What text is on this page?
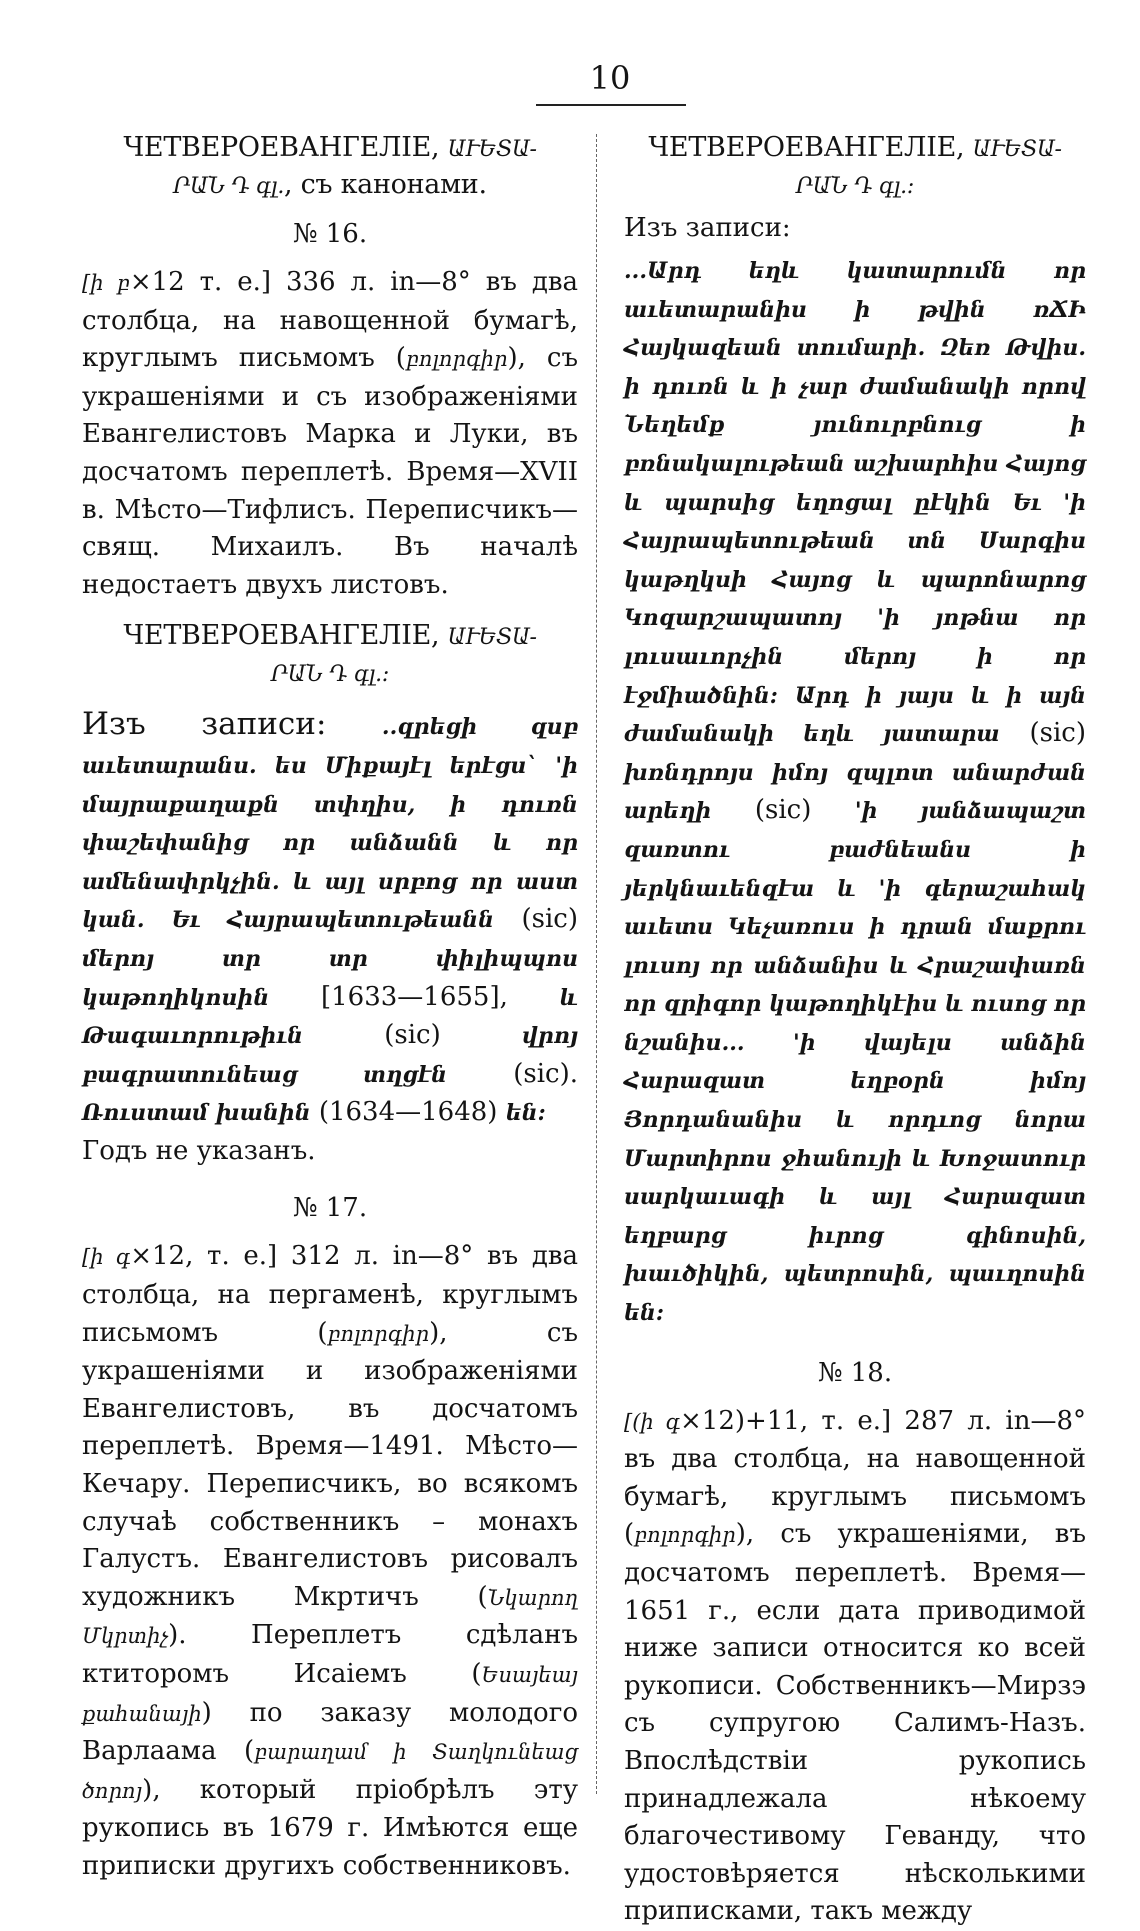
10
ЧЕТВЕРОЕВАНГЕЛІЕ, ԱՒԵՏԱ-
ՐԱՆ Դ գլ., съ канонами.
№ 16.

[ի բ×12 т. е.] 336 л. in—8° въ два столбца, на навощенной бумагѣ, круглымъ письмомъ (բոլորգիր), съ украшеніями и съ изображеніями Евангелистовъ Марка и Луки, въ досчатомъ переплетѣ. Время—XVII в. Мѣсто—Тифлисъ. Переписчикъ—свящ. Михаилъ. Въ началѣ недостаетъ двухъ листовъ.

ЧЕТВЕРОЕВАНГЕЛІЕ, ԱՒԵՏԱ-
ՐԱՆ Դ գլ.:

Изъ записи: ..զրեցի զսբ աւետարանս. ես Միքայէլ երէցս` 'ի մայրաքաղաքն տփղիս, ի դուռն փաշեփանից որ անձանն և որ ամենափրկչին. և այլ սրբոց որ աստ կան. Եւ Հայրապետութեանն (sic) մերոյ տր տր փիլիպպոս կաթողիկոսին [1633—1655], և Թագաւորութիւն (sic) վրոյ բագրատունեաց տղցէն (sic). Ռուստամ խանին (1634—1648) են:

Годъ не указанъ.

№ 17.

[ի գ×12, т. е.] 312 л. in—8° въ два столбца, на пергаменѣ, круглымъ письмомъ (բոլորգիր), съ украшеніями и изображеніями Евангелистовъ, въ досчатомъ переплетѣ. Время—1491. Мѣсто—Кечару. Переписчикъ, во всякомъ случаѣ собственникъ – монахъ Галустъ. Евангелистовъ рисовалъ художникъ Мкртичъ (Նկարող Մկրտիչ). Переплетъ сдѣланъ ктиторомъ Исаіемъ (Եսայեայ քահանայի) по заказу молодого Варлаама (բարաղամ ի Տաղկունեաց ծորոյ), который пріобрѣлъ эту рукопись въ 1679 г. Имѣются еще приписки другихъ собственниковъ.

ЧЕТВЕРОЕВАНГЕЛІЕ, ԱՒԵՏԱ-
ՐԱՆ Դ գլ.:

Изъ записи:

...Արդ եղև կատարումն որ աւետարանիս ի թվին ռՃԻ Հայկազեան տումարի. Զեռ Թվիս. ի դուռն և ի չար ժամանակի որով Նեղեմք յունուրբնուց ի բռնակալութեան աշխարհիս Հայոց և պարսից եղոցալ ըէկին Եւ 'ի Հայրապետութեան տն Սարգիս կաթղկսի Հայոց և պարոնարոց Կոզարշապատոյ 'ի յոթնա որ լուսաւորչին մերոյ ի որ էջմիածնին: Արդ ի յայս և ի այն ժամանակի եղև յատարա (sic) խռնդրոյս իմոյ զպլոտ անարժան արեղի (sic) 'ի յանձապաշտ զառտու բաժնեանս ի յերկնաւենզէա և 'ի գերաշահակ աւետս Կեչառուս ի դրան մաքրու լուսոյ որ անձանիս և Հրաշափառն որ զրիգոր կաթողիկէիս և ուսոց որ նշանիս... 'ի վայելս անձին Հարազատ եղբօրն իմոյ Յորդանանիս և որդւոց նորա Մարտիրոս ջհանույի և Խոջատուր սարկաւագի և այլ Հարազատ եղբարց իւրոց գինոսին, խաւծիկին, պետրոսին, պաւղոսին են:

№ 18.

[(ի գ×12)+11, т. е.] 287 л. in—8° въ два столбца, на навощенной бумагѣ, круглымъ письмомъ (բոլորգիր), съ украшеніями, въ досчатомъ переплетѣ. Время—1651 г., если дата приводимой ниже записи относится ко всей рукописи. Собственникъ—Мирзэ съ супругою Салимъ-Назъ. Впослѣдствіи рукопись принадлежала нѣкоему благочестивому Гевандy, что удостовѣряется нѣсколькими приписками, такъ между
